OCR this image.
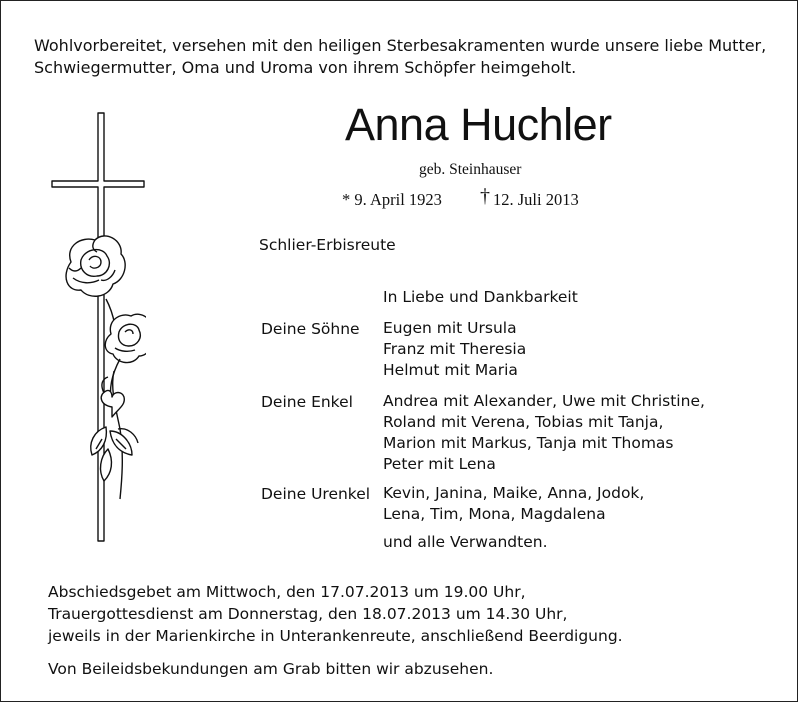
Wohlvorbereitet, versehen mit den heiligen Sterbesakramenten wurde unsere liebe Mutter,
Schwiegermutter, Oma und Uroma von ihrem Schöpfer heimgeholt.
Anna Huchler
geb. Steinhauser
* 9. April 1923 † 12. Juli 2013
Schlier-Erbisreute
In Liebe und Dankbarkeit
Deine Söhne Eugen mit Ursula
Franz mit Theresia
Helmut mit Maria
Deine Enkel Andrea mit Alexander, Uwe mit Christine,
Roland mit Verena, Tobias mit Tanja,
Marion mit Markus, Tanja mit Thomas
Peter mit Lena
Deine Urenkel Kevin, Janina, Maike, Anna, Jodok,
Lena, Tim, Mona, Magdalena
und alle Verwandten.
Abschiedsgebet am Mittwoch, den 17.07.2013 um 19.00 Uhr,
Trauergottesdienst am Donnerstag, den 18.07.2013 um 14.30 Uhr,
jeweils in der Marienkirche in Unterankenreute, anschließend Beerdigung.
Von Beileidsbekundungen am Grab bitten wir abzusehen.
